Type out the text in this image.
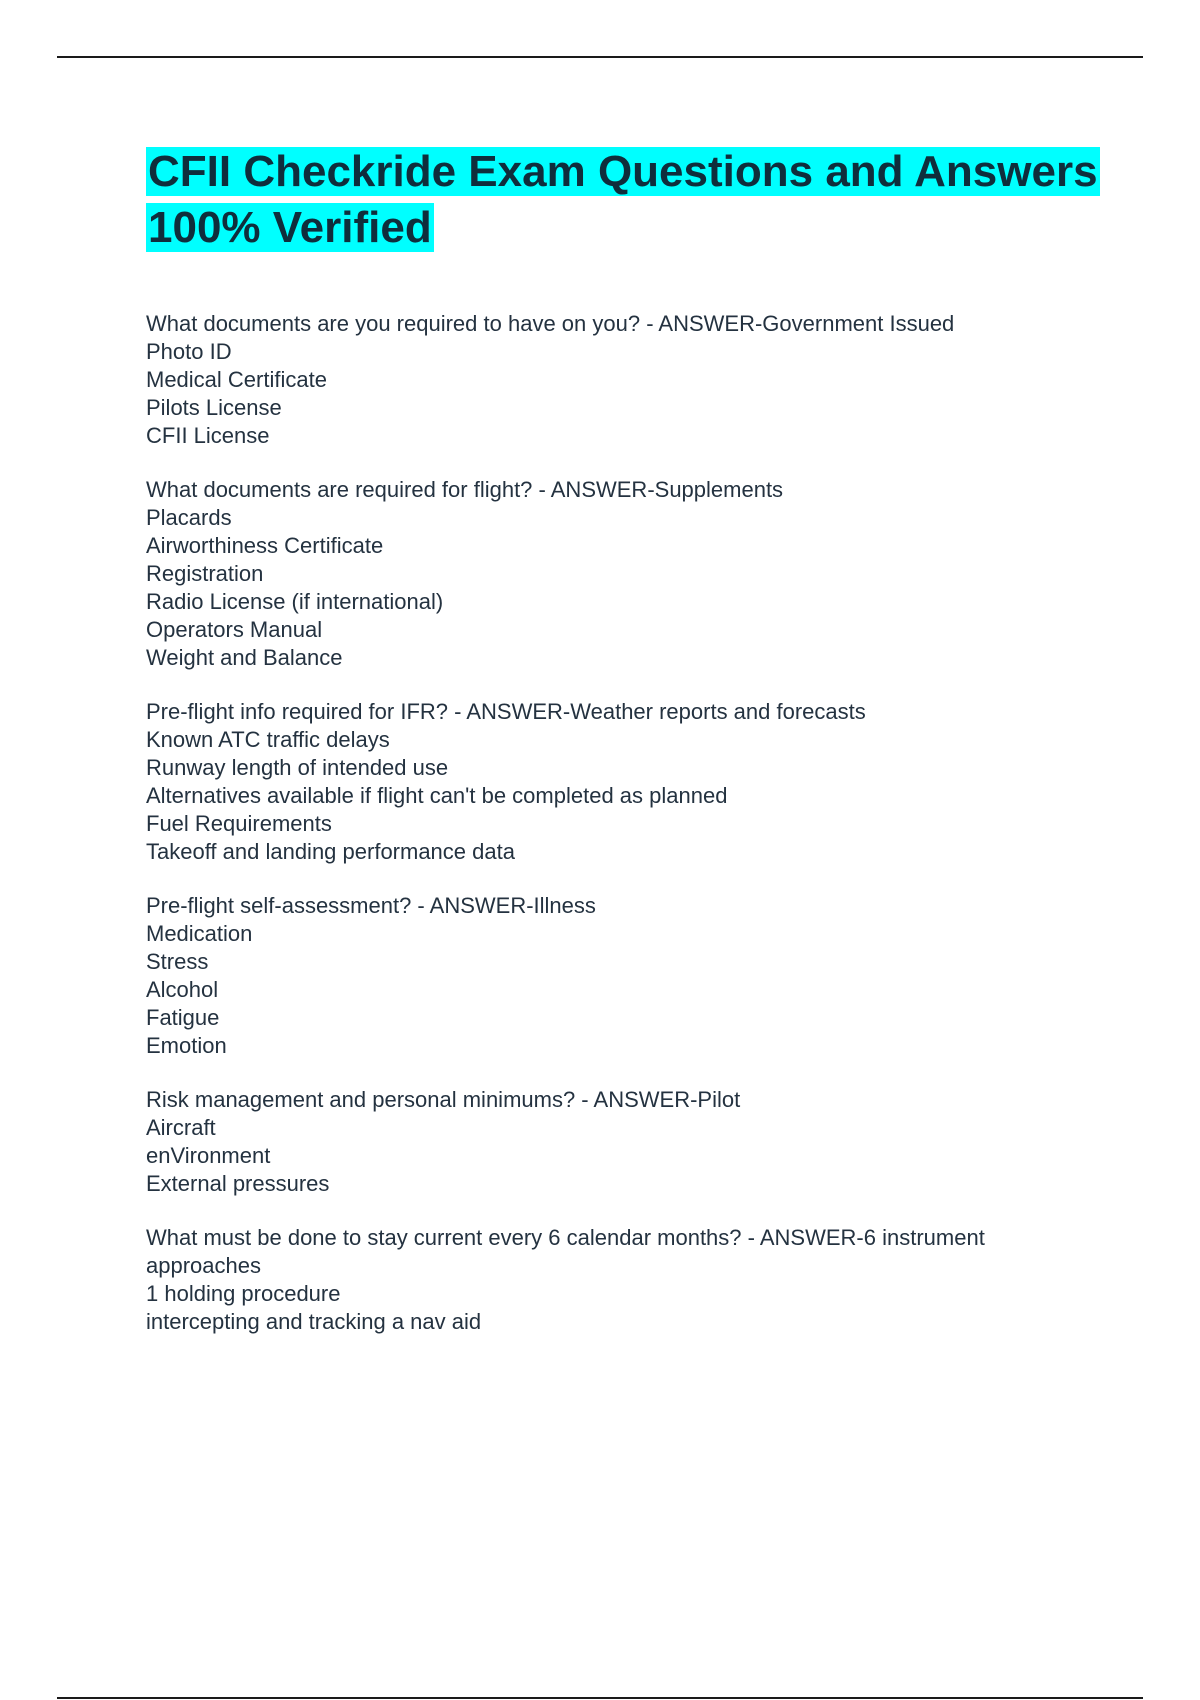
CFII Checkride Exam Questions and Answers 100% Verified
What documents are you required to have on you? - ANSWER-Government Issued
Photo ID
Medical Certificate
Pilots License
CFII License
What documents are required for flight? - ANSWER-Supplements
Placards
Airworthiness Certificate
Registration
Radio License (if international)
Operators Manual
Weight and Balance
Pre-flight info required for IFR? - ANSWER-Weather reports and forecasts
Known ATC traffic delays
Runway length of intended use
Alternatives available if flight can't be completed as planned
Fuel Requirements
Takeoff and landing performance data
Pre-flight self-assessment? - ANSWER-Illness
Medication
Stress
Alcohol
Fatigue
Emotion
Risk management and personal minimums? - ANSWER-Pilot
Aircraft
enVironment
External pressures
What must be done to stay current every 6 calendar months? - ANSWER-6 instrument
approaches
1 holding procedure
intercepting and tracking a nav aid
